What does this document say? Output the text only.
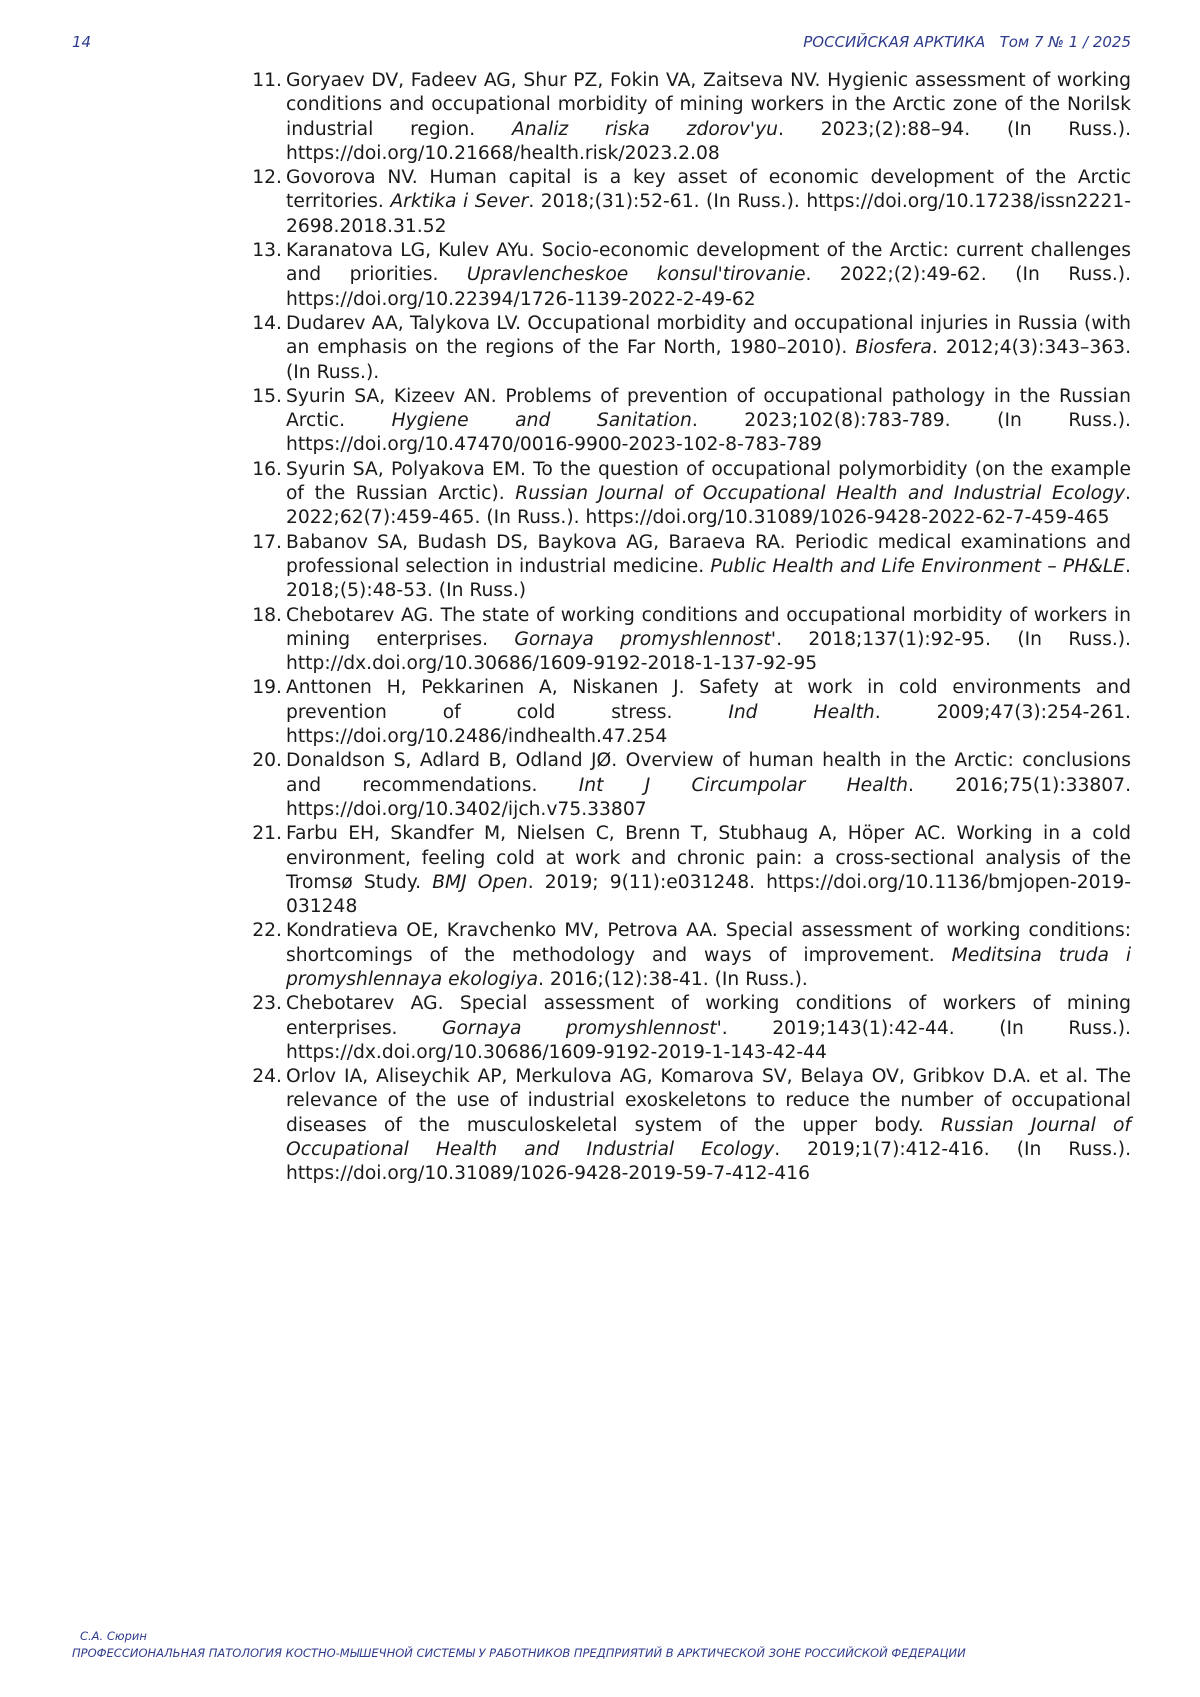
14	РОССИЙСКАЯ АРКТИКА   Том 7 № 1 / 2025
11. Goryaev DV, Fadeev AG, Shur PZ, Fokin VA, Zaitseva NV. Hygienic assessment of working conditions and occupational morbidity of mining workers in the Arctic zone of the Norilsk industrial region. Analiz riska zdorov'yu. 2023;(2):88–94. (In Russ.). https://doi.org/10.21668/health.risk/2023.2.08
12. Govorova NV. Human capital is a key asset of economic development of the Arctic territories. Arktika i Sever. 2018;(31):52-61. (In Russ.). https://doi.org/10.17238/issn2221-2698.2018.31.52
13. Karanatova LG, Kulev AYu. Socio-economic development of the Arctic: current challenges and priorities. Upravlencheskoe konsul'tirovanie. 2022;(2):49-62. (In Russ.). https://doi.org/10.22394/1726-1139-2022-2-49-62
14. Dudarev AA, Talykova LV. Occupational morbidity and occupational injuries in Russia (with an emphasis on the regions of the Far North, 1980–2010). Biosfera. 2012;4(3):343–363. (In Russ.).
15. Syurin SA, Kizeev AN. Problems of prevention of occupational pathology in the Russian Arctic. Hygiene and Sanitation. 2023;102(8):783-789. (In Russ.). https://doi.org/10.47470/0016-9900-2023-102-8-783-789
16. Syurin SA, Polyakova EM. To the question of occupational polymorbidity (on the example of the Russian Arctic). Russian Journal of Occupational Health and Industrial Ecology. 2022;62(7):459-465. (In Russ.). https://doi.org/10.31089/1026-9428-2022-62-7-459-465
17. Babanov SA, Budash DS, Baykova AG, Baraeva RA. Periodic medical examinations and professional selection in industrial medicine. Public Health and Life Environment – PH&LE. 2018;(5):48-53. (In Russ.)
18. Chebotarev AG. The state of working conditions and occupational morbidity of workers in mining enterprises. Gornaya promyshlennost'. 2018;137(1):92-95. (In Russ.). http://dx.doi.org/10.30686/1609-9192-2018-1-137-92-95
19. Anttonen H, Pekkarinen A, Niskanen J. Safety at work in cold environments and prevention of cold stress. Ind Health. 2009;47(3):254-261. https://doi.org/10.2486/indhealth.47.254
20. Donaldson S, Adlard B, Odland JØ. Overview of human health in the Arctic: conclusions and recommendations. Int J Circumpolar Health. 2016;75(1):33807. https://doi.org/10.3402/ijch.v75.33807
21. Farbu EH, Skandfer M, Nielsen C, Brenn T, Stubhaug A, Höper AC. Working in a cold environment, feeling cold at work and chronic pain: a cross-sectional analysis of the Tromsø Study. BMJ Open. 2019; 9(11):e031248. https://doi.org/10.1136/bmjopen-2019-031248
22. Kondratieva OE, Kravchenko MV, Petrova AA. Special assessment of working conditions: shortcomings of the methodology and ways of improvement. Meditsina truda i promyshlennaya ekologiya. 2016;(12):38-41. (In Russ.).
23. Chebotarev AG. Special assessment of working conditions of workers of mining enterprises. Gornaya promyshlennost'. 2019;143(1):42-44. (In Russ.). https://dx.doi.org/10.30686/1609-9192-2019-1-143-42-44
24. Orlov IA, Aliseychik AP, Merkulova AG, Komarova SV, Belaya OV, Gribkov D.A. et al. The relevance of the use of industrial exoskeletons to reduce the number of occupational diseases of the musculoskeletal system of the upper body. Russian Journal of Occupational Health and Industrial Ecology. 2019;1(7):412-416. (In Russ.). https://doi.org/10.31089/1026-9428-2019-59-7-412-416
С.А. Сюрин
ПРОФЕССИОНАЛЬНАЯ ПАТОЛОГИЯ КОСТНО-МЫШЕЧНОЙ СИСТЕМЫ У РАБОТНИКОВ ПРЕДПРИЯТИЙ В АРКТИЧЕСКОЙ ЗОНЕ РОССИЙСКОЙ ФЕДЕРАЦИИ
